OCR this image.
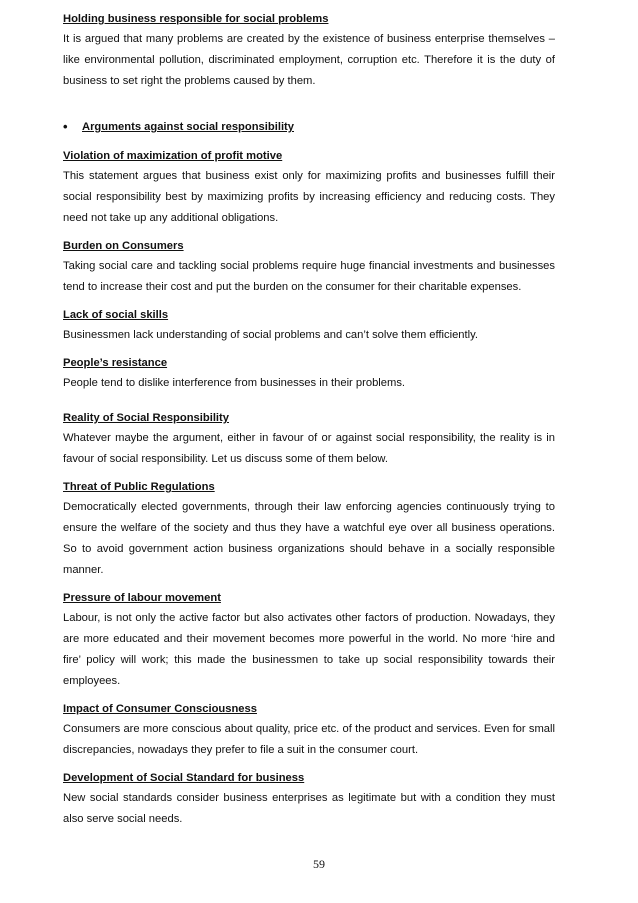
Holding business responsible for social problems

It is argued that many problems are created by the existence of business enterprise themselves – like environmental pollution, discriminated employment, corruption etc. Therefore it is the duty of business to set right the problems caused by them.

•	Arguments against social responsibility
Violation of maximization of profit motive

This statement argues that business exist only for maximizing profits and businesses fulfill their social responsibility best by maximizing profits by increasing efficiency and reducing costs. They need not take up any additional obligations.

Burden on Consumers

Taking social care and tackling social problems require huge financial investments and businesses tend to increase their cost and put the burden on the consumer for their charitable expenses.

Lack of social skills

Businessmen lack understanding of social problems and can’t solve them efficiently.

People’s resistance

People tend to dislike interference from businesses in their problems.

Reality of Social Responsibility

Whatever maybe the argument, either in favour of or against social responsibility, the reality is in favour of social responsibility. Let us discuss some of them below.

Threat of Public Regulations

Democratically elected governments, through their law enforcing agencies continuously trying to ensure the welfare of the society and thus they have a watchful eye over all business operations. So to avoid government action business organizations should behave in a socially responsible manner.

Pressure of labour movement

Labour, is not only the active factor but also activates other factors of production. Nowadays, they are more educated and their movement becomes more powerful in the world. No more ‘hire and fire’ policy will work; this made the businessmen to take up social responsibility towards their employees.

Impact of Consumer Consciousness

Consumers are more conscious about quality, price etc. of the product and services. Even for small discrepancies, nowadays they prefer to file a suit in the consumer court.

Development of Social Standard for business

New social standards consider business enterprises as legitimate but with a condition they must also serve social needs.

59
